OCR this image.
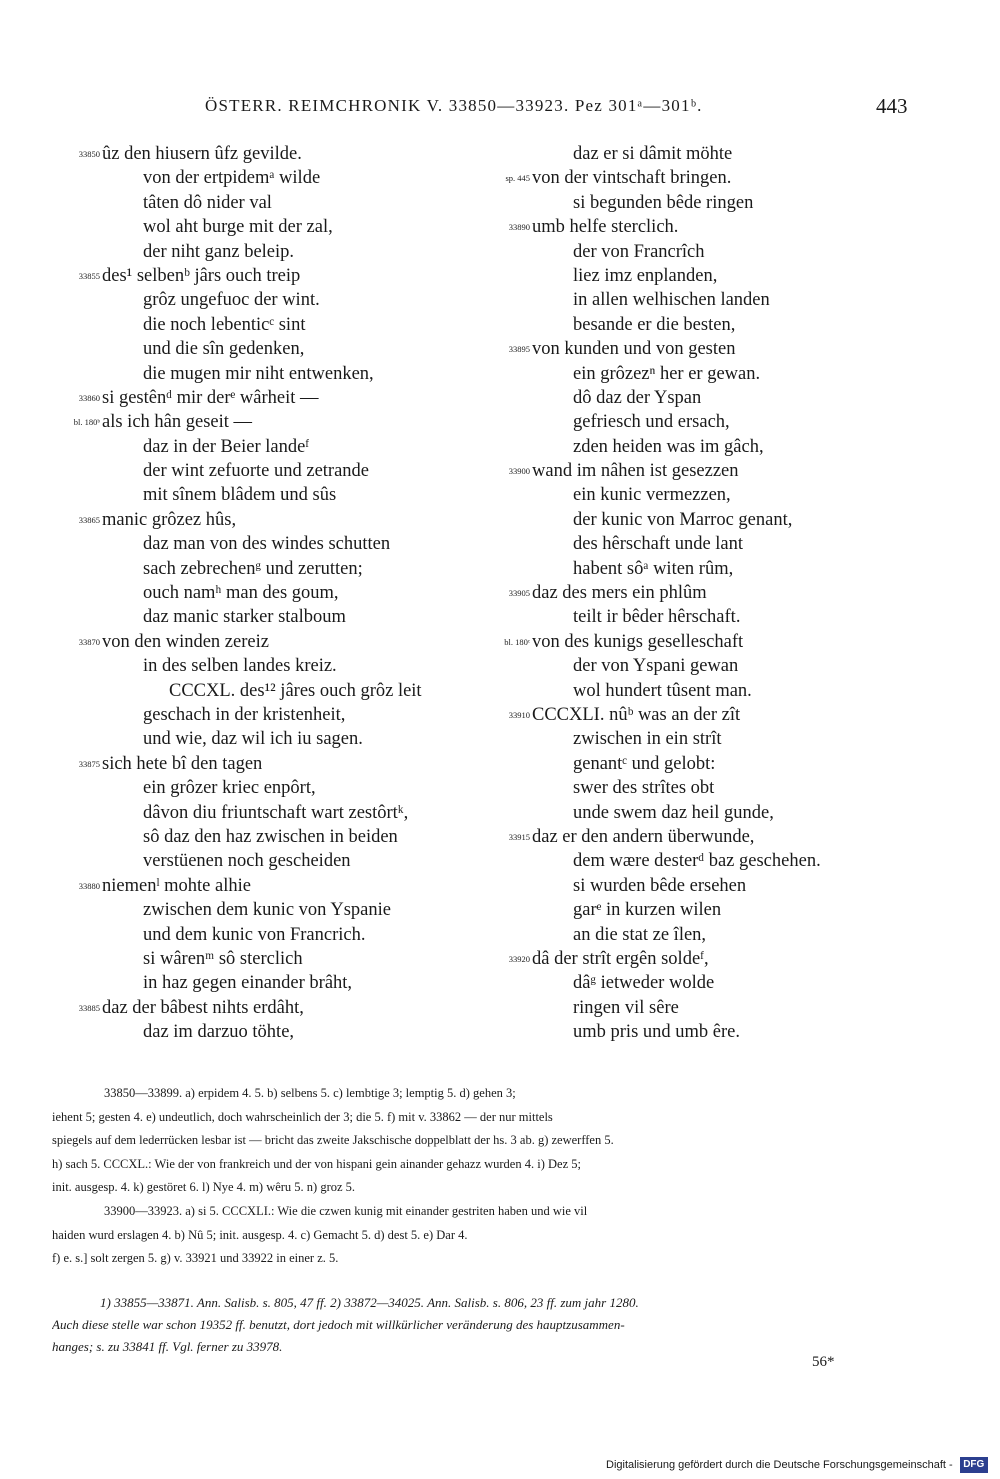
ÖSTERR. REIMCHRONIK V. 33850—33923. Pez 301ᵃ—301ᵇ.	443
33850 ûz den hiusern ûfz gevilde.
von der ertpidemᵃ wilde
tâten dô nider val
wol aht burge mit der zal,
der niht ganz beleip.
33855 des¹ selbenᵇ jârs ouch treip
grôz ungefuoc der wint.
die noch lebenticᶜ sint
und die sîn gedenken,
die mugen mir niht entwenken,
33860 si gestênᵈ mir derᵉ wârheit —
bl. 180ᵇ als ich hân geseit —
daz in der Beier landeᶠ
der wint zefuorte und zetrande
mit sînem blâdem und sûs
33865 manic grôzez hûs,
daz man von des windes schutten
sach zebrechenᵍ und zerutten;
ouch namʰ man des goum,
daz manic starker stalboum
33870 von den winden zereiz
in des selben landes kreiz.
CCCXL. des¹² jâres ouch grôz leit
geschach in der kristenheit,
und wie, daz wil ich iu sagen.
33875 sich hete bî den tagen
ein grôzer kriec enpôrt,
dâvon diu friuntschaft wart zestôrtᵏ,
sô daz den haz zwischen in beiden
verstüenen noch gescheiden
33880 niemenˡ mohte alhie
zwischen dem kunic von Yspanie
und dem kunic von Francrich.
si wârenᵐ sô sterclich
in haz gegen einander brâht,
33885 daz der bâbest nihts erdâht,
daz im darzuo töhte,
daz er si dâmit möhte
sp. 445 von der vintschaft bringen.
si begunden bêde ringen
33890 umb helfe sterclich.
der von Francrîch
liez imz enplanden,
in allen welhischen landen
besande er die besten,
33895 von kunden und von gesten
ein grôzezⁿ her er gewan.
dô daz der Yspan
gefriesch und ersach,
zden heiden was im gâch,
33900 wand im nâhen ist gesezzen
ein kunic vermezzen,
der kunic von Marroc genant,
des hêrschaft unde lant
habent sôᵃ witen rûm,
33905 daz des mers ein phlûm
teilt ir bêder hêrschaft.
bl. 180ᶜ von des kunigs geselleschaft
der von Yspani gewan
wol hundert tûsent man.
33910 CCCXLI. nûᵇ was an der zît
zwischen in ein strît
genantᶜ und gelobt:
swer des strîtes obt
unde swem daz heil gunde,
33915 daz er den andern überwunde,
dem wære desterᵈ baz geschehen.
si wurden bêde ersehen
garᵉ in kurzen wilen
an die stat ze îlen,
33920 dâ der strît ergên soldeᶠ,
dâᵍ ietweder wolde
ringen vil sêre
umb pris und umb êre.
33850—33899. a) erpidem 4. 5. b) selbens 5. c) lembtige 3; lemptig 5. d) gehen 3;
iehent 5; gesten 4. e) undeutlich, doch wahrscheinlich der 3; die 5. f) mit v. 33862 — der nur mittels
spiegels auf dem lederrücken lesbar ist — bricht das zweite Jakschische doppelblatt der hs. 3 ab. g) zewerffen 5.
h) sach 5. CCCXL.: Wie der von frankreich und der von hispani gein ainander gehazz wurden 4. i) Dez 5;
init. ausgesp. 4. k) gestöret 6. l) Nye 4. m) wêru 5. n) groz 5.
33900—33923. a) si 5. CCCXLI.: Wie die czwen kunig mit einander gestriten haben und wie vil
haiden wurd erslagen 4. b) Nû 5; init. ausgesp. 4. c) Gemacht 5. d) dest 5. e) Dar 4.
f) e. s.] solt zergen 5. g) v. 33921 und 33922 in einer z. 5.
1) 33855—33871. Ann. Salisb. s. 805, 47 ff. 2) 33872—34025. Ann. Salisb. s. 806, 23 ff. zum jahr 1280.
Auch diese stelle war schon 19352 ff. benutzt, dort jedoch mit willkürlicher veränderung des hauptzusammen-
hanges; s. zu 33841 ff. Vgl. ferner zu 33978.
56*
Digitalisierung gefördert durch die Deutsche Forschungsgemeinschaft - DFG
